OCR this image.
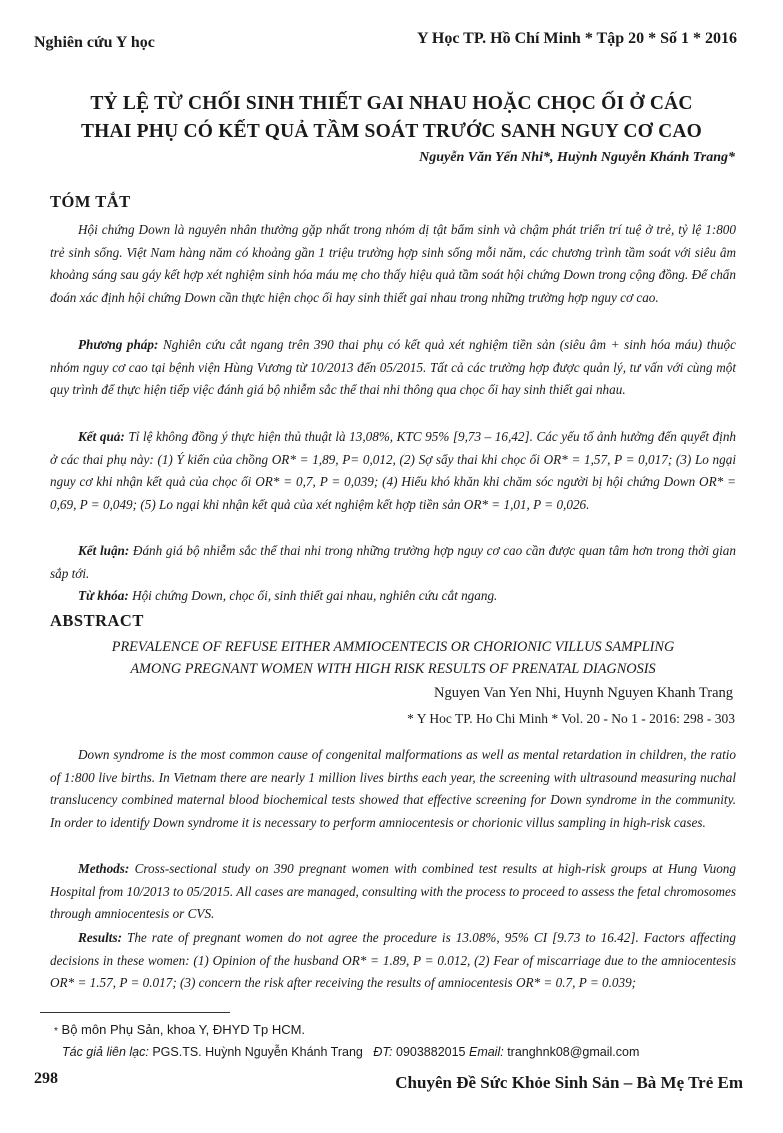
Nghiên cứu Y học	Y Học TP. Hồ Chí Minh * Tập 20 * Số 1 * 2016
TỶ LỆ TỪ CHỐI SINH THIẾT GAI NHAU HOẶC CHỌC ỐI Ở CÁC
THAI PHỤ CÓ KẾT QUẢ TẦM SOÁT TRƯỚC SANH NGUY CƠ CAO
Nguyễn Văn Yến Nhi*, Huỳnh Nguyễn Khánh Trang*
TÓM TẮT

Hội chứng Down là nguyên nhân thường gặp nhất trong nhóm dị tật bẩm sinh và chậm phát triển trí tuệ ở trẻ, tỷ lệ 1:800 trẻ sinh sống. Việt Nam hàng năm có khoảng gần 1 triệu trường hợp sinh sống mỗi năm, các chương trình tầm soát với siêu âm khoảng sáng sau gáy kết hợp xét nghiệm sinh hóa máu mẹ cho thấy hiệu quả tầm soát hội chứng Down trong cộng đồng. Để chẩn đoán xác định hội chứng Down cần thực hiện chọc ối hay sinh thiết gai nhau trong những trường hợp nguy cơ cao.

Phương pháp: Nghiên cứu cắt ngang trên 390 thai phụ có kết quả xét nghiệm tiền sản (siêu âm + sinh hóa máu) thuộc nhóm nguy cơ cao tại bệnh viện Hùng Vương từ 10/2013 đến 05/2015. Tất cả các trường hợp được quản lý, tư vấn với cùng một quy trình để thực hiện tiếp việc đánh giá bộ nhiễm sắc thể thai nhi thông qua chọc ối hay sinh thiết gai nhau.

Kết quả: Tỉ lệ không đồng ý thực hiện thủ thuật là 13,08%, KTC 95% [9,73 – 16,42]. Các yếu tố ảnh hưởng đến quyết định ở các thai phụ này: (1) Ý kiến của chồng OR* = 1,89, P= 0,012, (2) Sợ sẩy thai khi chọc ối OR* = 1,57, P = 0,017; (3) Lo ngại nguy cơ khi nhận kết quả của chọc ối OR* = 0,7, P = 0,039; (4) Hiểu khó khăn khi chăm sóc người bị hội chứng Down OR* = 0,69, P = 0,049; (5) Lo ngại khi nhận kết quả của xét nghiệm kết hợp tiền sản OR* = 1,01, P = 0,026.

Kết luận: Đánh giá bộ nhiễm sắc thể thai nhi trong những trường hợp nguy cơ cao cần được quan tâm hơn trong thời gian sắp tới.

Từ khóa: Hội chứng Down, chọc ối, sinh thiết gai nhau, nghiên cứu cắt ngang.

ABSTRACT
PREVALENCE OF REFUSE EITHER AMMIOCENTECIS OR CHORIONIC VILLUS SAMPLING
AMONG PREGNANT WOMEN WITH HIGH RISK RESULTS OF PRENATAL DIAGNOSIS
Nguyen Van Yen Nhi, Huynh Nguyen Khanh Trang
* Y Hoc TP. Ho Chi Minh * Vol. 20 - No 1 - 2016: 298 - 303

Down syndrome is the most common cause of congenital malformations as well as mental retardation in children, the ratio of 1:800 live births. In Vietnam there are nearly 1 million lives births each year, the screening with ultrasound measuring nuchal translucency combined maternal blood biochemical tests showed that effective screening for Down syndrome in the community. In order to identify Down syndrome it is necessary to perform amniocentesis or chorionic villus sampling in high-risk cases.

Methods: Cross-sectional study on 390 pregnant women with combined test results at high-risk groups at Hung Vuong Hospital from 10/2013 to 05/2015. All cases are managed, consulting with the process to proceed to assess the fetal chromosomes through amniocentesis or CVS.

Results: The rate of pregnant women do not agree the procedure is 13.08%, 95% CI [9.73 to 16.42]. Factors affecting decisions in these women: (1) Opinion of the husband OR* = 1.89, P = 0.012, (2) Fear of miscarriage due to the amniocentesis OR* = 1.57, P = 0.017; (3) concern the risk after receiving the results of amniocentesis OR* = 0.7, P = 0.039;

* Bộ môn Phụ Sản, khoa Y, ĐHYD Tp HCM.
Tác giả liên lạc: PGS.TS. Huỳnh Nguyễn Khánh Trang ĐT: 0903882015 Email: tranghnk08@gmail.com
298	Chuyên Đề Sức Khỏe Sinh Sản – Bà Mẹ Trẻ Em
